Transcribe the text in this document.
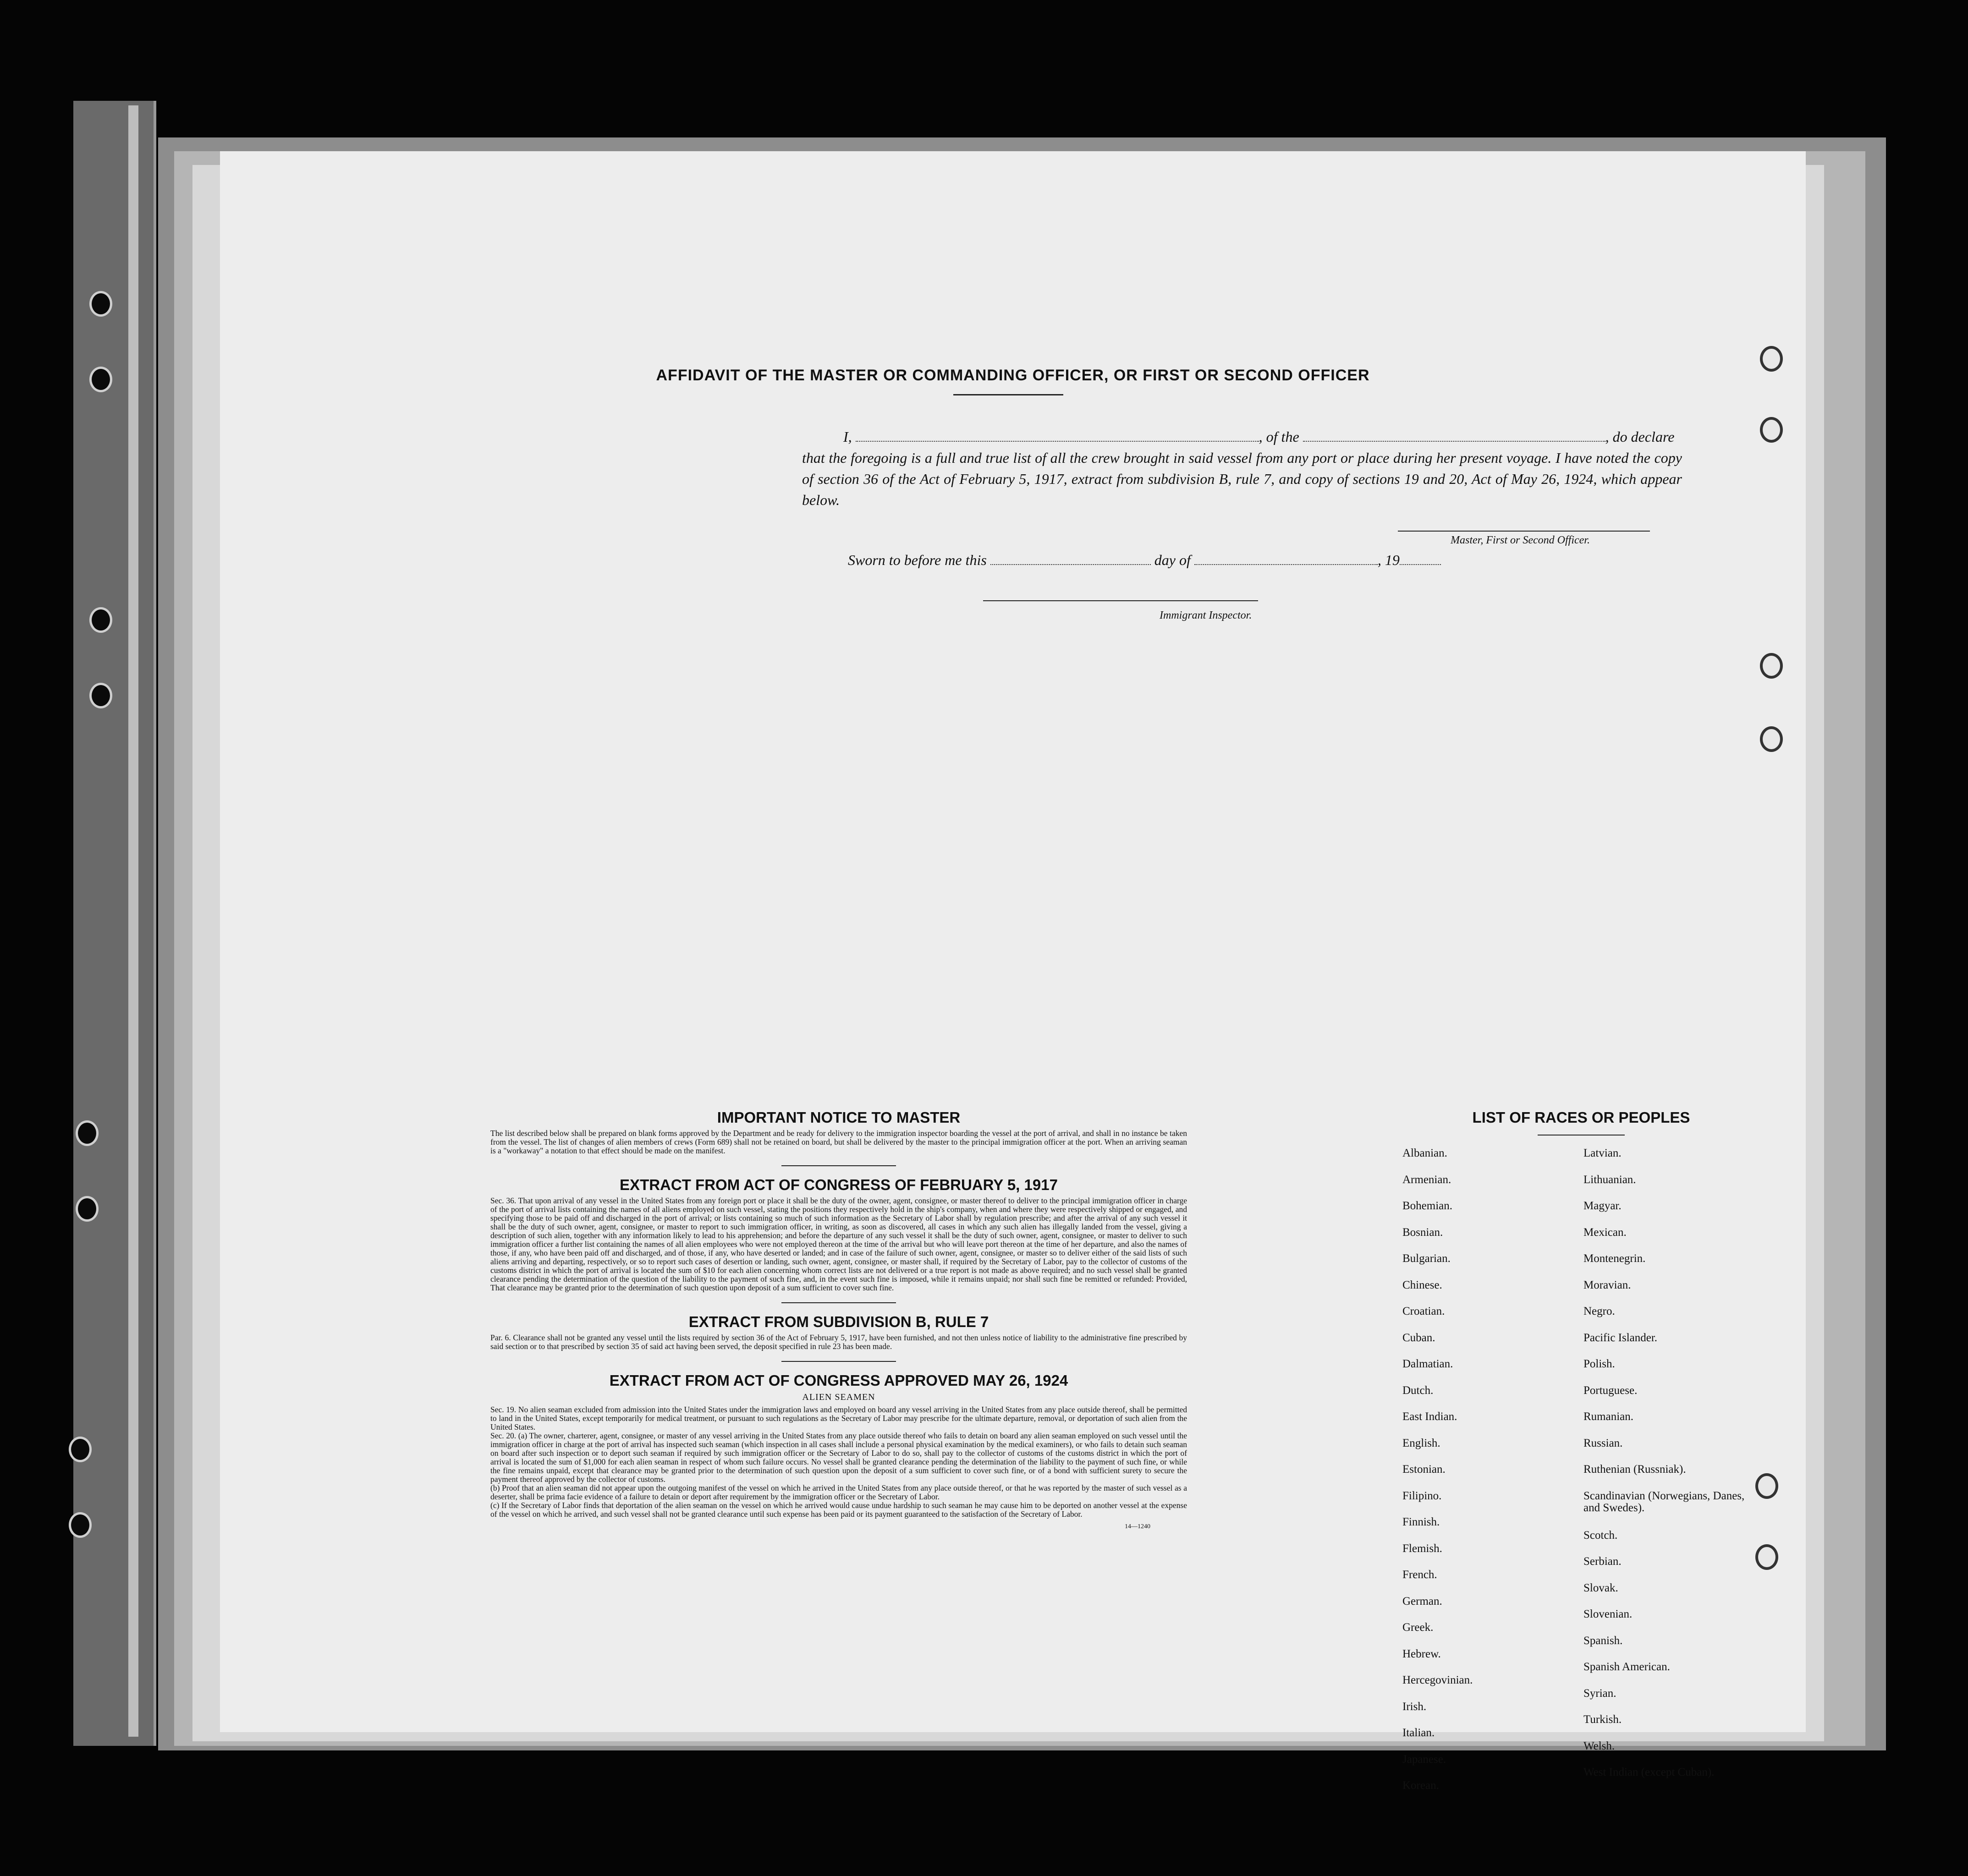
AFFIDAVIT OF THE MASTER OR COMMANDING OFFICER, OR FIRST OR SECOND OFFICER
I,	, of the	, do declare
that the foregoing is a full and true list of all the crew brought in said vessel from any port or place during her present voyage. I have noted the copy of section 36 of the Act of February 5, 1917, extract from subdivision B, rule 7, and copy of sections 19 and 20, Act of May 26, 1924, which appear below.
Master, First or Second Officer.
Sworn to before me this	day of	, 19
Immigrant Inspector.

IMPORTANT NOTICE TO MASTER

The list described below shall be prepared on blank forms approved by the Department and be ready for delivery to the immigration inspector boarding the vessel at the port of arrival, and shall in no instance be taken from the vessel. The list of changes of alien members of crews (Form 689) shall not be retained on board, but shall be delivered by the master to the principal immigration officer at the port. When an arriving seaman is a "workaway" a notation to that effect should be made on the manifest.

EXTRACT FROM ACT OF CONGRESS OF FEBRUARY 5, 1917

Sec. 36. That upon arrival of any vessel in the United States from any foreign port or place it shall be the duty of the owner, agent, consignee, or master thereof to deliver to the principal immigration officer in charge of the port of arrival lists containing the names of all aliens employed on such vessel, stating the positions they respectively hold in the ship's company, when and where they were respectively shipped or engaged, and specifying those to be paid off and discharged in the port of arrival; or lists containing so much of such information as the Secretary of Labor shall by regulation prescribe; and after the arrival of any such vessel it shall be the duty of such owner, agent, consignee, or master to report to such immigration officer, in writing, as soon as discovered, all cases in which any such alien has illegally landed from the vessel, giving a description of such alien, together with any information likely to lead to his apprehension; and before the departure of any such vessel it shall be the duty of such owner, agent, consignee, or master to deliver to such immigration officer a further list containing the names of all alien employees who were not employed thereon at the time of the arrival but who will leave port thereon at the time of her departure, and also the names of those, if any, who have been paid off and discharged, and of those, if any, who have deserted or landed; and in case of the failure of such owner, agent, consignee, or master so to deliver either of the said lists of such aliens arriving and departing, respectively, or so to report such cases of desertion or landing, such owner, agent, consignee, or master shall, if required by the Secretary of Labor, pay to the collector of customs of the customs district in which the port of arrival is located the sum of $10 for each alien concerning whom correct lists are not delivered or a true report is not made as above required; and no such vessel shall be granted clearance pending the determination of the question of the liability to the payment of such fine, and, in the event such fine is imposed, while it remains unpaid; nor shall such fine be remitted or refunded: Provided, That clearance may be granted prior to the determination of such question upon deposit of a sum sufficient to cover such fine.

EXTRACT FROM SUBDIVISION B, RULE 7

Par. 6. Clearance shall not be granted any vessel until the lists required by section 36 of the Act of February 5, 1917, have been furnished, and not then unless notice of liability to the administrative fine prescribed by said section or to that prescribed by section 35 of said act having been served, the deposit specified in rule 23 has been made.

EXTRACT FROM ACT OF CONGRESS APPROVED MAY 26, 1924

ALIEN SEAMEN

Sec. 19. No alien seaman excluded from admission into the United States under the immigration laws and employed on board any vessel arriving in the United States from any place outside thereof, shall be permitted to land in the United States, except temporarily for medical treatment, or pursuant to such regulations as the Secretary of Labor may prescribe for the ultimate departure, removal, or deportation of such alien from the United States.

Sec. 20. (a) The owner, charterer, agent, consignee, or master of any vessel arriving in the United States from any place outside thereof who fails to detain on board any alien seaman employed on such vessel until the immigration officer in charge at the port of arrival has inspected such seaman (which inspection in all cases shall include a personal physical examination by the medical examiners), or who fails to detain such seaman on board after such inspection or to deport such seaman if required by such immigration officer or the Secretary of Labor to do so, shall pay to the collector of customs of the customs district in which the port of arrival is located the sum of $1,000 for each alien seaman in respect of whom such failure occurs. No vessel shall be granted clearance pending the determination of the liability to the payment of such fine, or while the fine remains unpaid, except that clearance may be granted prior to the determination of such question upon the deposit of a sum sufficient to cover such fine, or of a bond with sufficient surety to secure the payment thereof approved by the collector of customs.

(b) Proof that an alien seaman did not appear upon the outgoing manifest of the vessel on which he arrived in the United States from any place outside thereof, or that he was reported by the master of such vessel as a deserter, shall be prima facie evidence of a failure to detain or deport after requirement by the immigration officer or the Secretary of Labor.

(c) If the Secretary of Labor finds that deportation of the alien seaman on the vessel on which he arrived would cause undue hardship to such seaman he may cause him to be deported on another vessel at the expense of the vessel on which he arrived, and such vessel shall not be granted clearance until such expense has been paid or its payment guaranteed to the satisfaction of the Secretary of Labor.

14—1240

LIST OF RACES OR PEOPLES

Albanian.
Armenian.
Bohemian.
Bosnian.
Bulgarian.
Chinese.
Croatian.
Cuban.
Dalmatian.
Dutch.
East Indian.
English.
Estonian.
Filipino.
Finnish.
Flemish.
French.
German.
Greek.
Hebrew.
Hercegovinian.
Irish.
Italian.
Japanese.
Korean.
Latvian.
Lithuanian.
Magyar.
Mexican.
Montenegrin.
Moravian.
Negro.
Pacific Islander.
Polish.
Portuguese.
Rumanian.
Russian.
Ruthenian (Russniak).
Scandinavian (Norwegians, Danes, and Swedes).
Scotch.
Serbian.
Slovak.
Slovenian.
Spanish.
Spanish American.
Syrian.
Turkish.
Welsh.
West Indian (except Cuban).
